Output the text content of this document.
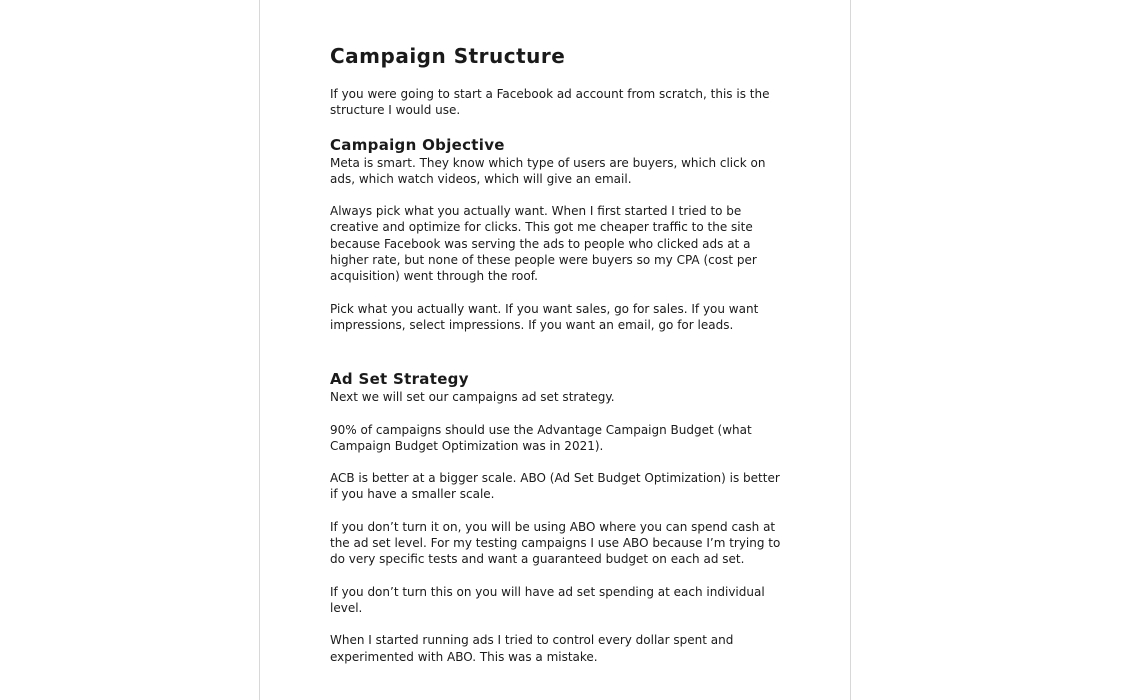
Campaign Structure

If you were going to start a Facebook ad account from scratch, this is the structure I would use.

Campaign Objective

Meta is smart. They know which type of users are buyers, which click on ads, which watch videos, which will give an email.

Always pick what you actually want. When I first started I tried to be creative and optimize for clicks. This got me cheaper traffic to the site because Facebook was serving the ads to people who clicked ads at a higher rate, but none of these people were buyers so my CPA (cost per acquisition) went through the roof.

Pick what you actually want. If you want sales, go for sales. If you want impressions, select impressions. If you want an email, go for leads.

Ad Set Strategy

Next we will set our campaigns ad set strategy.

90% of campaigns should use the Advantage Campaign Budget (what Campaign Budget Optimization was in 2021).

ACB is better at a bigger scale. ABO (Ad Set Budget Optimization) is better if you have a smaller scale.

If you don’t turn it on, you will be using ABO where you can spend cash at the ad set level. For my testing campaigns I use ABO because I’m trying to do very specific tests and want a guaranteed budget on each ad set.

If you don’t turn this on you will have ad set spending at each individual level.

When I started running ads I tried to control every dollar spent and experimented with ABO. This was a mistake.
